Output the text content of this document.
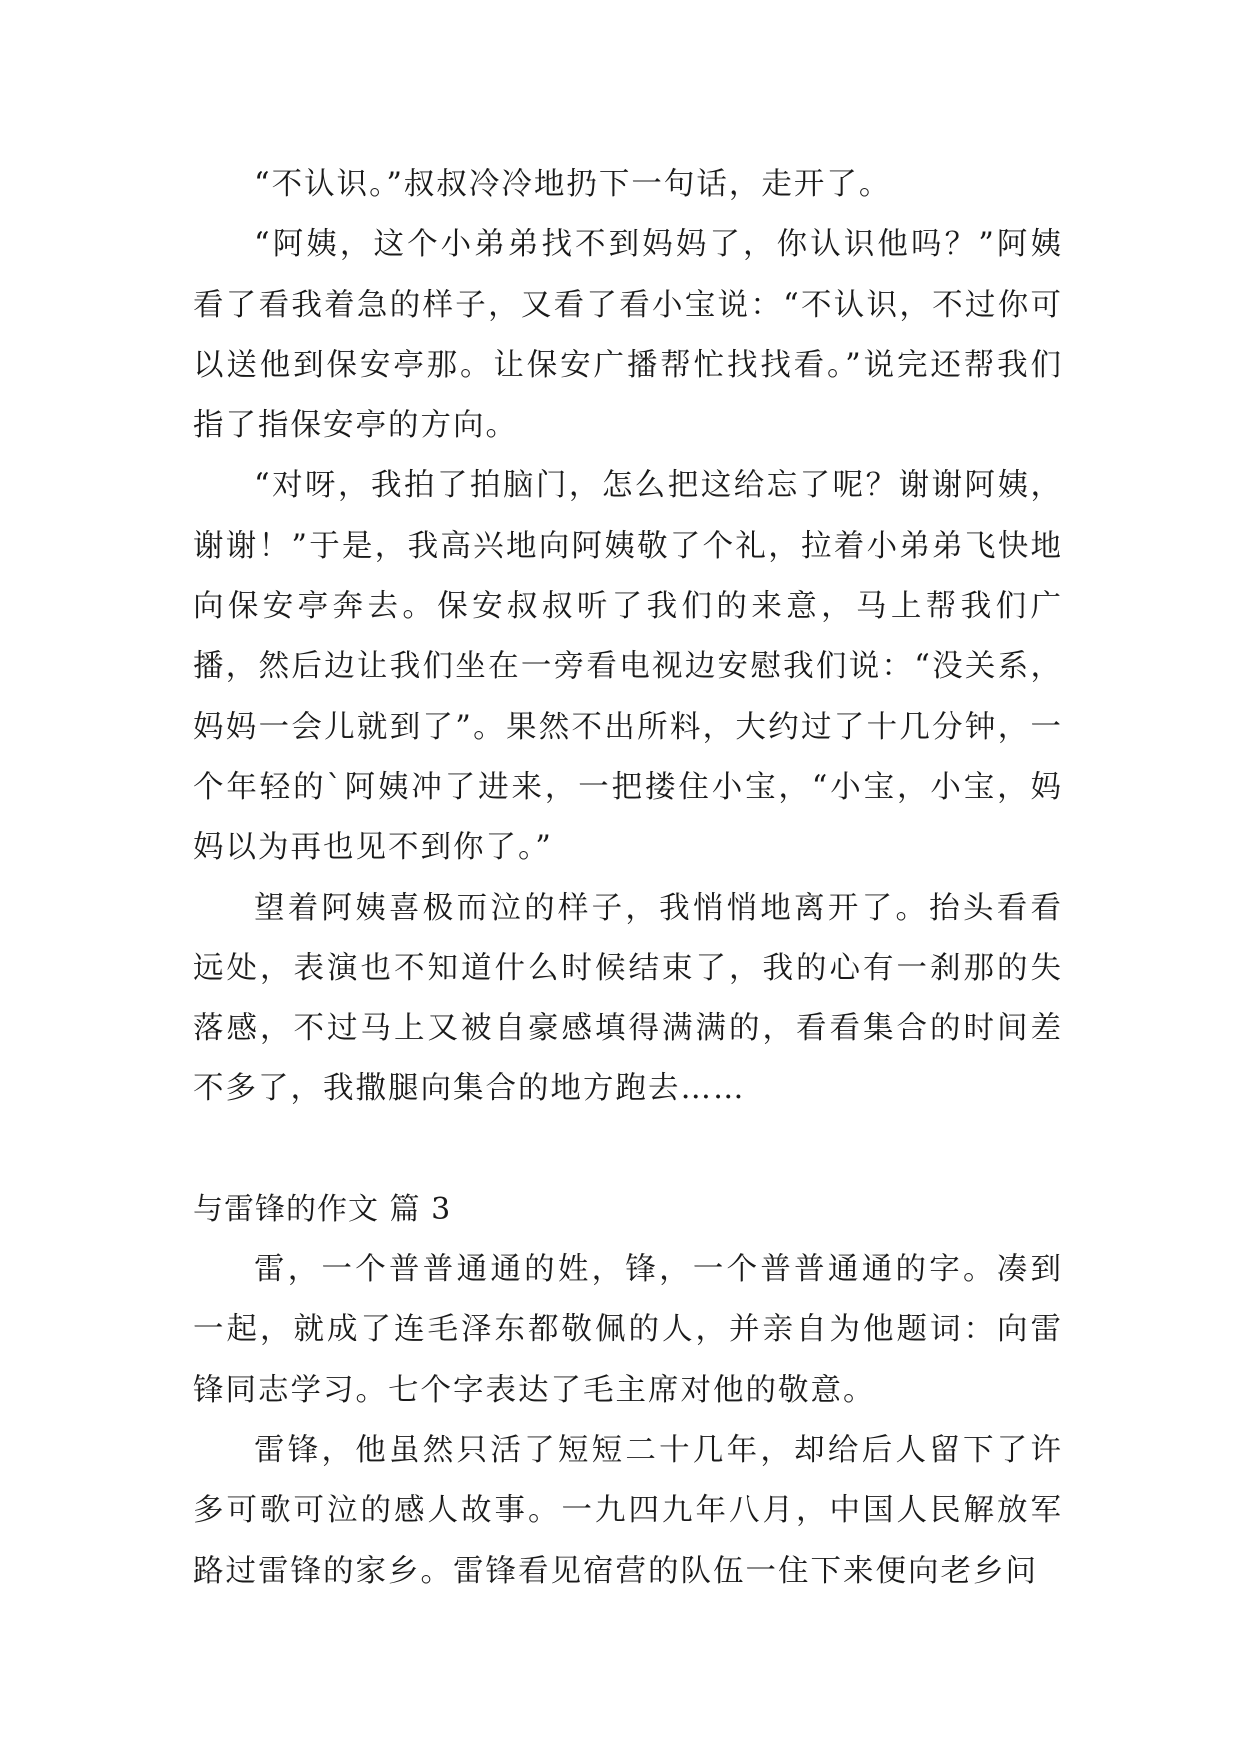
“不认识。”叔叔冷冷地扔下一句话，走开了。

“阿姨，这个小弟弟找不到妈妈了，你认识他吗？”阿姨看了看我着急的样子，又看了看小宝说：“不认识，不过你可以送他到保安亭那。让保安广播帮忙找找看。”说完还帮我们指了指保安亭的方向。

“对呀，我拍了拍脑门，怎么把这给忘了呢？谢谢阿姨，谢谢！”于是，我高兴地向阿姨敬了个礼，拉着小弟弟飞快地向保安亭奔去。保安叔叔听了我们的来意，马上帮我们广播，然后边让我们坐在一旁看电视边安慰我们说：“没关系，妈妈一会儿就到了”。果然不出所料，大约过了十几分钟，一个年轻的`阿姨冲了进来，一把搂住小宝，“小宝，小宝，妈妈以为再也见不到你了。”

望着阿姨喜极而泣的样子，我悄悄地离开了。抬头看看远处，表演也不知道什么时候结束了，我的心有一刹那的失落感，不过马上又被自豪感填得满满的，看看集合的时间差不多了，我撒腿向集合的地方跑去……

与雷锋的作文 篇 3

雷，一个普普通通的姓，锋，一个普普通通的字。凑到一起，就成了连毛泽东都敬佩的人，并亲自为他题词：向雷锋同志学习。七个字表达了毛主席对他的敬意。

雷锋，他虽然只活了短短二十几年，却给后人留下了许多可歌可泣的感人故事。一九四九年八月，中国人民解放军路过雷锋的家乡。雷锋看见宿营的队伍一住下来便向老乡问
